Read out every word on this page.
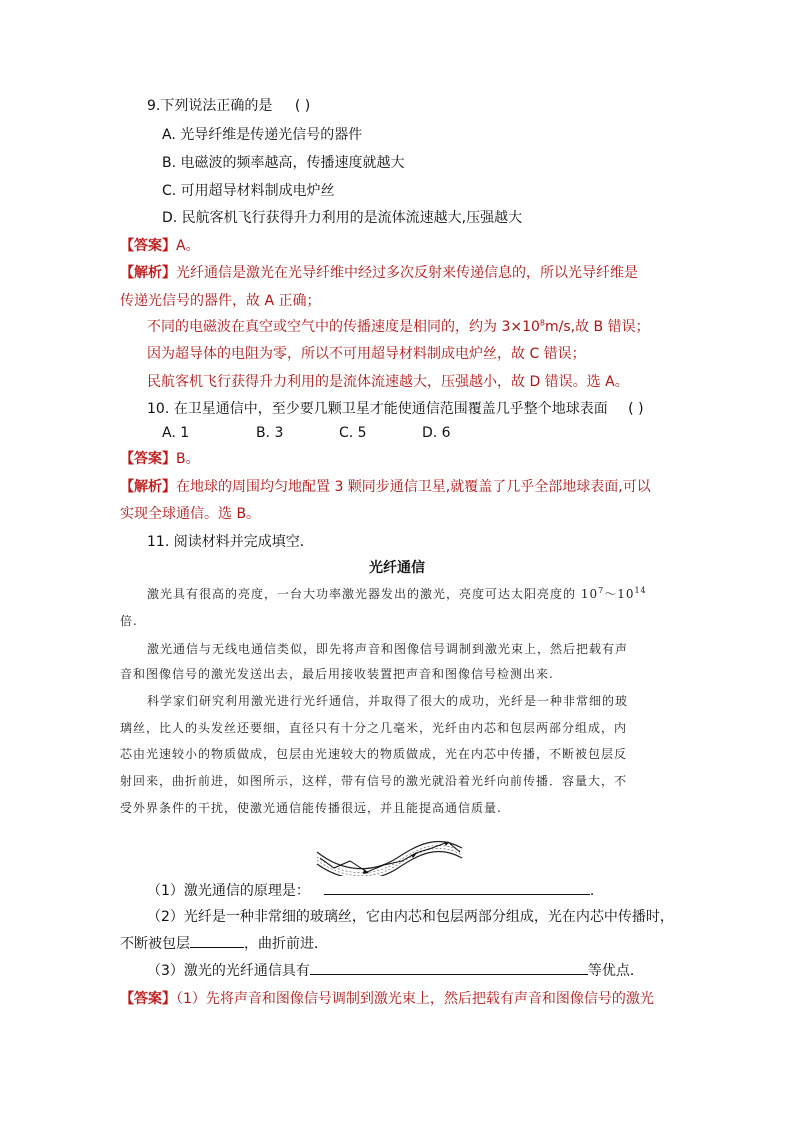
9.下列说法正确的是 ( )
A. 光导纤维是传递光信号的器件
B. 电磁波的频率越高，传播速度就越大
C. 可用超导材料制成电炉丝
D. 民航客机飞行获得升力利用的是流体流速越大,压强越大
【答案】A。
【解析】光纤通信是激光在光导纤维中经过多次反射来传递信息的，所以光导纤维是
传递光信号的器件，故 A 正确；
不同的电磁波在真空或空气中的传播速度是相同的，约为 $3\times 10^8m/s$,故 B 错误；
因为超导体的电阻为零，所以不可用超导材料制成电炉丝，故 C 错误；
民航客机飞行获得升力利用的是流体流速越大，压强越小，故 D 错误。选 A。
10. 在卫星通信中，至少要几颗卫星才能使通信范围覆盖几乎整个地球表面 ( )
A. 1	B. 3	C. 5	D. 6
【答案】B。
【解析】在地球的周围均匀地配置 3 颗同步通信卫星,就覆盖了几乎全部地球表面,可以
实现全球通信。选 B。
11. 阅读材料并完成填空．
光纤通信
激光具有很高的亮度，一台大功率激光器发出的激光，亮度可达太阳亮度的 $10^7\sim 10^{14}$
倍.
激光通信与无线电通信类似，即先将声音和图像信号调制到激光束上，然后把载有声
音和图像信号的激光发送出去，最后用接收装置把声音和图像信号检测出来.
科学家们研究利用激光进行光纤通信，并取得了很大的成功，光纤是一种非常细的玻
璃丝，比人的头发丝还要细，直径只有十分之几毫米，光纤由内芯和包层两部分组成，内
芯由光速较小的物质做成，包层由光速较大的物质做成，光在内芯中传播，不断被包层反
射回来，曲折前进，如图所示，这样，带有信号的激光就沿着光纤向前传播．容量大，不
受外界条件的干扰，使激光通信能传播很远，并且能提高通信质量.
（1）激光通信的原理是：	.
（2）光纤是一种非常细的玻璃丝，它由内芯和包层两部分组成，光在内芯中传播时，
不断被包层	，曲折前进．
（3）激光的光纤通信具有	等优点．
【答案】（1）先将声音和图像信号调制到激光束上，然后把载有声音和图像信号的激光
